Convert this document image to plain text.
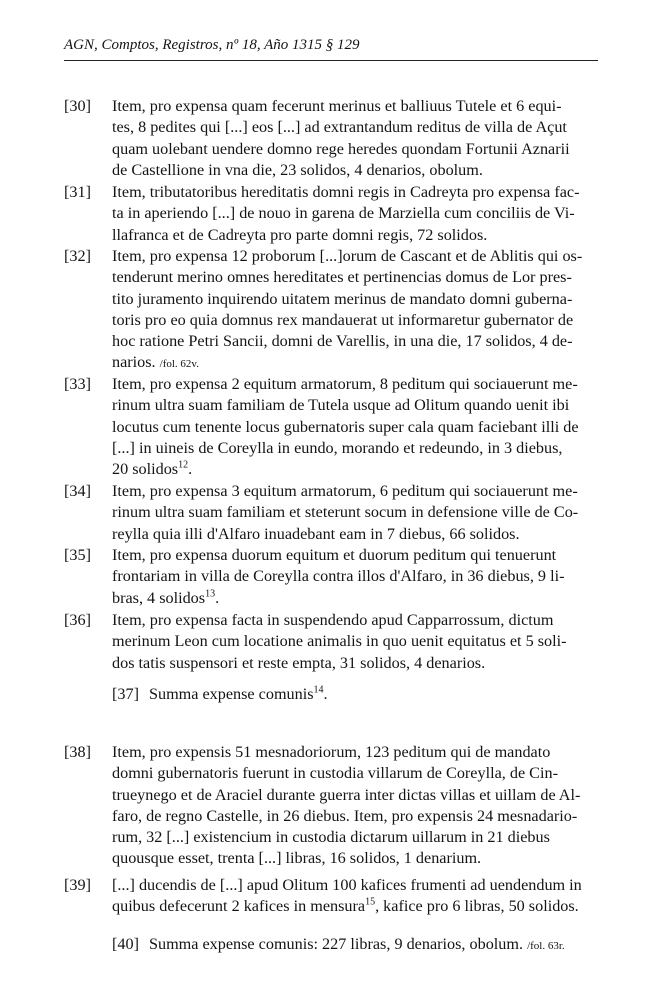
AGN, Comptos, Registros, nº 18, Año 1315 § 129
[30]	Item, pro expensa quam fecerunt merinus et balliuus Tutele et 6 equi-
tes, 8 pedites qui [...] eos [...] ad extrantandum reditus de villa de Açut
quam uolebant uendere domno rege heredes quondam Fortunii Aznarii
de Castellione in vna die, 23 solidos, 4 denarios, obolum.
[31]	Item, tributatoribus hereditatis domni regis in Cadreyta pro expensa fac-
ta in aperiendo [...] de nouo in garena de Marziella cum conciliis de Vi-
llafranca et de Cadreyta pro parte domni regis, 72 solidos.
[32]	Item, pro expensa 12 proborum [...]orum de Cascant et de Ablitis qui os-
tenderunt merino omnes hereditates et pertinencias domus de Lor pres-
tito juramento inquirendo uitatem merinus de mandato domni guberna-
toris pro eo quia domnus rex mandauerat ut informaretur gubernator de
hoc ratione Petri Sancii, domni de Varellis, in una die, 17 solidos, 4 de-
narios. /fol. 62v.
[33]	Item, pro expensa 2 equitum armatorum, 8 peditum qui sociauerunt me-
rinum ultra suam familiam de Tutela usque ad Olitum quando uenit ibi
locutus cum tenente locus gubernatoris super cala quam faciebant illi de
[...] in uineis de Coreylla in eundo, morando et redeundo, in 3 diebus,
20 solidos$^{12}$.
[34]	Item, pro expensa 3 equitum armatorum, 6 peditum qui sociauerunt me-
rinum ultra suam familiam et steterunt socum in defensione ville de Co-
reylla quia illi d'Alfaro inuadebant eam in 7 diebus, 66 solidos.
[35]	Item, pro expensa duorum equitum et duorum peditum qui tenuerunt
frontariam in villa de Coreylla contra illos d'Alfaro, in 36 diebus, 9 li-
bras, 4 solidos$^{13}$.
[36]	Item, pro expensa facta in suspendendo apud Capparrossum, dictum
merinum Leon cum locatione animalis in quo uenit equitatus et 5 soli-
dos tatis suspensori et reste empta, 31 solidos, 4 denarios.
[37] Summa expense comunis$^{14}$.
[38]	Item, pro expensis 51 mesnadoriorum, 123 peditum qui de mandato
domni gubernatoris fuerunt in custodia villarum de Coreylla, de Cin-
trueynego et de Araciel durante guerra inter dictas villas et uillam de Al-
faro, de regno Castelle, in 26 diebus. Item, pro expensis 24 mesnadario-
rum, 32 [...] existencium in custodia dictarum uillarum in 21 diebus
quousque esset, trenta [...] libras, 16 solidos, 1 denarium.
[39]	[...] ducendis de [...] apud Olitum 100 kafices frumenti ad uendendum in
quibus defecerunt 2 kafices in mensura$^{15}$, kafice pro 6 libras, 50 solidos.
[40] Summa expense comunis: 227 libras, 9 denarios, obolum. /fol. 63r.
